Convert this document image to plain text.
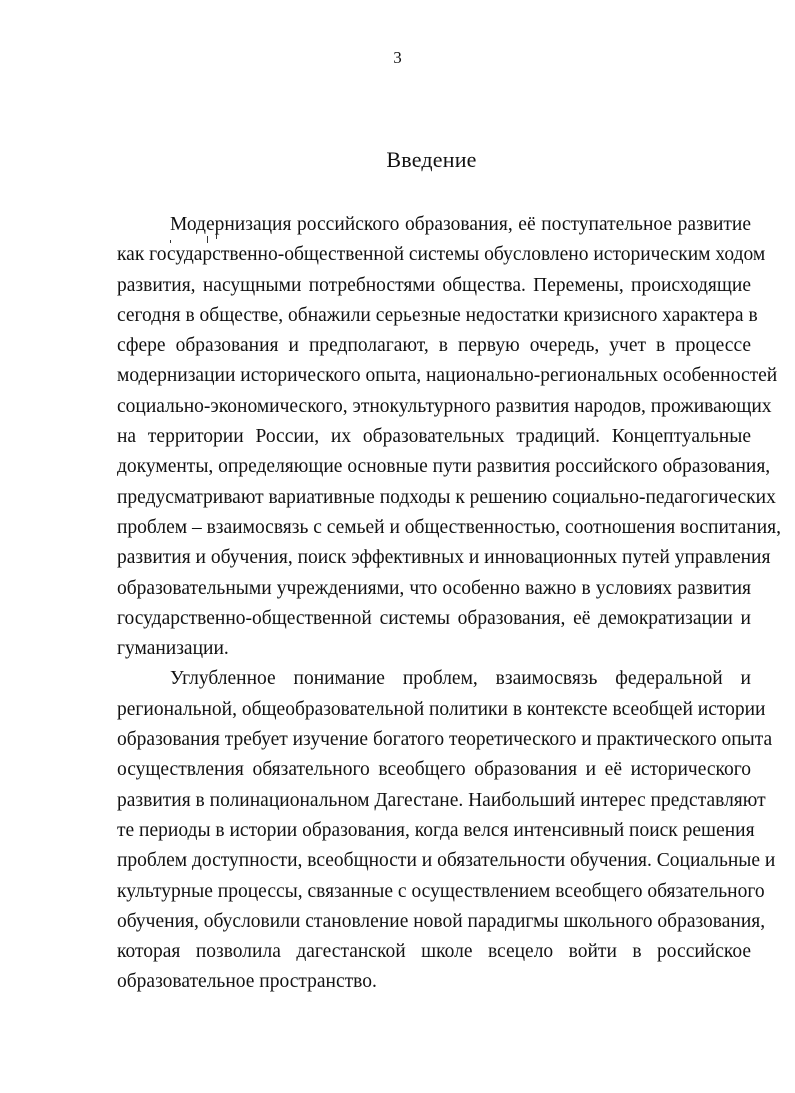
3
Введение
Модернизация российского образования, её поступательное развитие
как государственно-общественной системы обусловлено историческим ходом
развития, насущными потребностями общества. Перемены, происходящие
сегодня в обществе, обнажили серьезные недостатки кризисного характера в
сфере образования и предполагают, в первую очередь, учет в процессе
модернизации исторического опыта, национально-региональных особенностей
социально-экономического, этнокультурного развития народов, проживающих
на территории России, их образовательных традиций. Концептуальные
документы, определяющие основные пути развития российского образования,
предусматривают вариативные подходы к решению социально-педагогических
проблем – взаимосвязь с семьей и общественностью, соотношения воспитания,
развития и обучения, поиск эффективных и инновационных путей управления
образовательными учреждениями, что особенно важно в условиях развития
государственно-общественной системы образования, её демократизации и
гуманизации.
Углубленное понимание проблем, взаимосвязь федеральной и
региональной, общеобразовательной политики в контексте всеобщей истории
образования требует изучение богатого теоретического и практического опыта
осуществления обязательного всеобщего образования и её исторического
развития в полинациональном Дагестане. Наибольший интерес представляют
те периоды в истории образования, когда велся интенсивный поиск решения
проблем доступности, всеобщности и обязательности обучения. Социальные и
культурные процессы, связанные с осуществлением всеобщего обязательного
обучения, обусловили становление новой парадигмы школьного образования,
которая позволила дагестанской школе всецело войти в российское
образовательное пространство.
